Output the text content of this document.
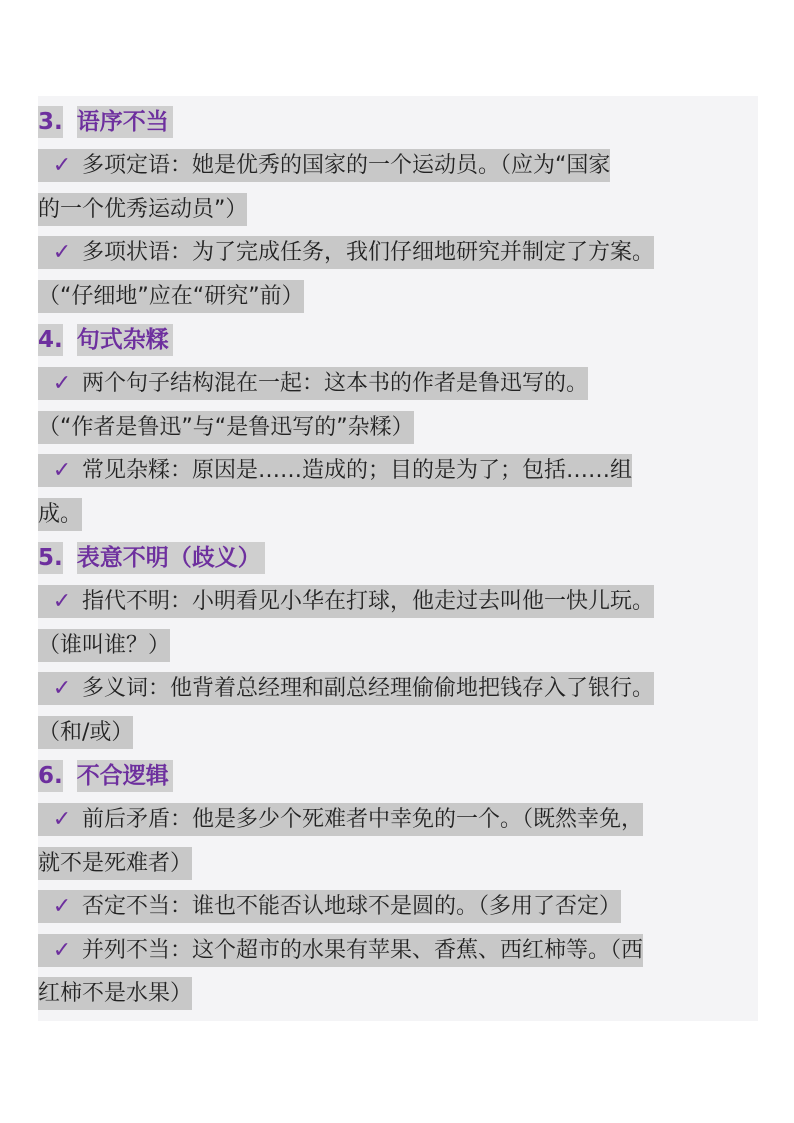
3. 语序不当
✓ 多项定语：她是优秀的国家的一个运动员。（应为“国家
的一个优秀运动员”）
✓ 多项状语：为了完成任务，我们仔细地研究并制定了方案。
（“仔细地”应在“研究”前）
4. 句式杂糅
✓ 两个句子结构混在一起：这本书的作者是鲁迅写的。
（“作者是鲁迅”与“是鲁迅写的”杂糅）
✓ 常见杂糅：原因是……造成的；目的是为了；包括……组
成。
5. 表意不明（歧义）
✓ 指代不明：小明看见小华在打球，他走过去叫他一快儿玩。
（谁叫谁？）
✓ 多义词：他背着总经理和副总经理偷偷地把钱存入了银行。
（和/或）
6. 不合逻辑
✓ 前后矛盾：他是多少个死难者中幸免的一个。（既然幸免，
就不是死难者）
✓ 否定不当：谁也不能否认地球不是圆的。（多用了否定）
✓ 并列不当：这个超市的水果有苹果、香蕉、西红柿等。（西
红柿不是水果）
